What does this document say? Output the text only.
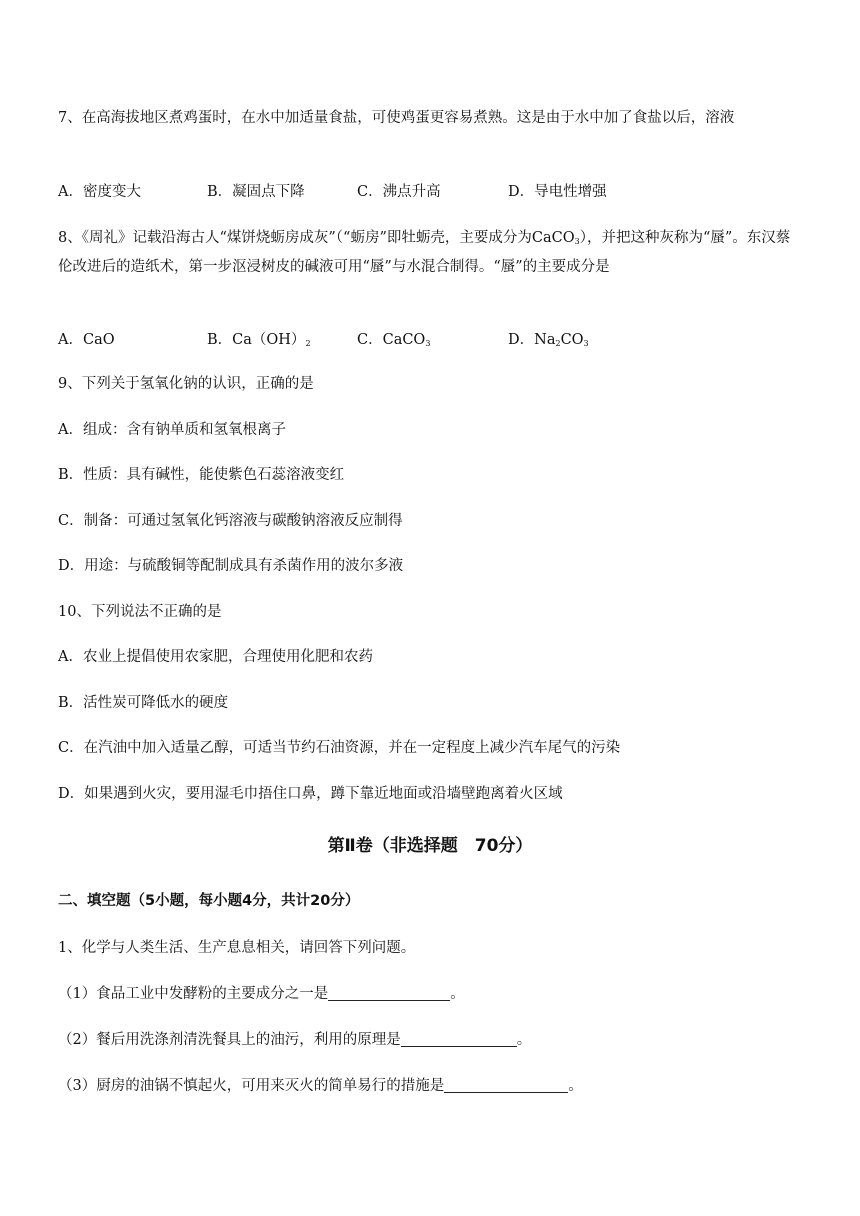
7、在高海拔地区煮鸡蛋时，在水中加适量食盐，可使鸡蛋更容易煮熟。这是由于水中加了食盐以后，溶液
A．密度变大	B．凝固点下降	C．沸点升高	D．导电性增强
8、《周礼》记载沿海古人“煤饼烧蛎房成灰”（“蛎房”即牡蛎壳，主要成分为CaCO$_3$），并把这种灰称为“蜃”。东汉蔡伦改进后的造纸术，第一步沤浸树皮的碱液可用“蜃”与水混合制得。“蜃”的主要成分是
A．CaO	B．$Ca(OH)_2$	C．CaCO$_3$	D．$Na_2CO_3$
9、下列关于氢氧化钠的认识，正确的是
A．组成：含有钠单质和氢氧根离子
B．性质：具有碱性，能使紫色石蕊溶液变红
C．制备：可通过氢氧化钙溶液与碳酸钠溶液反应制得
D．用途：与硫酸铜等配制成具有杀菌作用的波尔多液
10、下列说法不正确的是
A．农业上提倡使用农家肥，合理使用化肥和农药
B．活性炭可降低水的硬度
C．在汽油中加入适量乙醇，可适当节约石油资源，并在一定程度上减少汽车尾气的污染
D．如果遇到火灾，要用湿毛巾捂住口鼻，蹲下靠近地面或沿墙壁跑离着火区域
第Ⅱ卷（非选择题　70分）
二、填空题（5小题，每小题4分，共计20分）
1、化学与人类生活、生产息息相关，请回答下列问题。
（1）食品工业中发酵粉的主要成分之一是	。
（2）餐后用洗涤剂清洗餐具上的油污，利用的原理是	。
（3）厨房的油锅不慎起火，可用来灭火的简单易行的措施是	。
